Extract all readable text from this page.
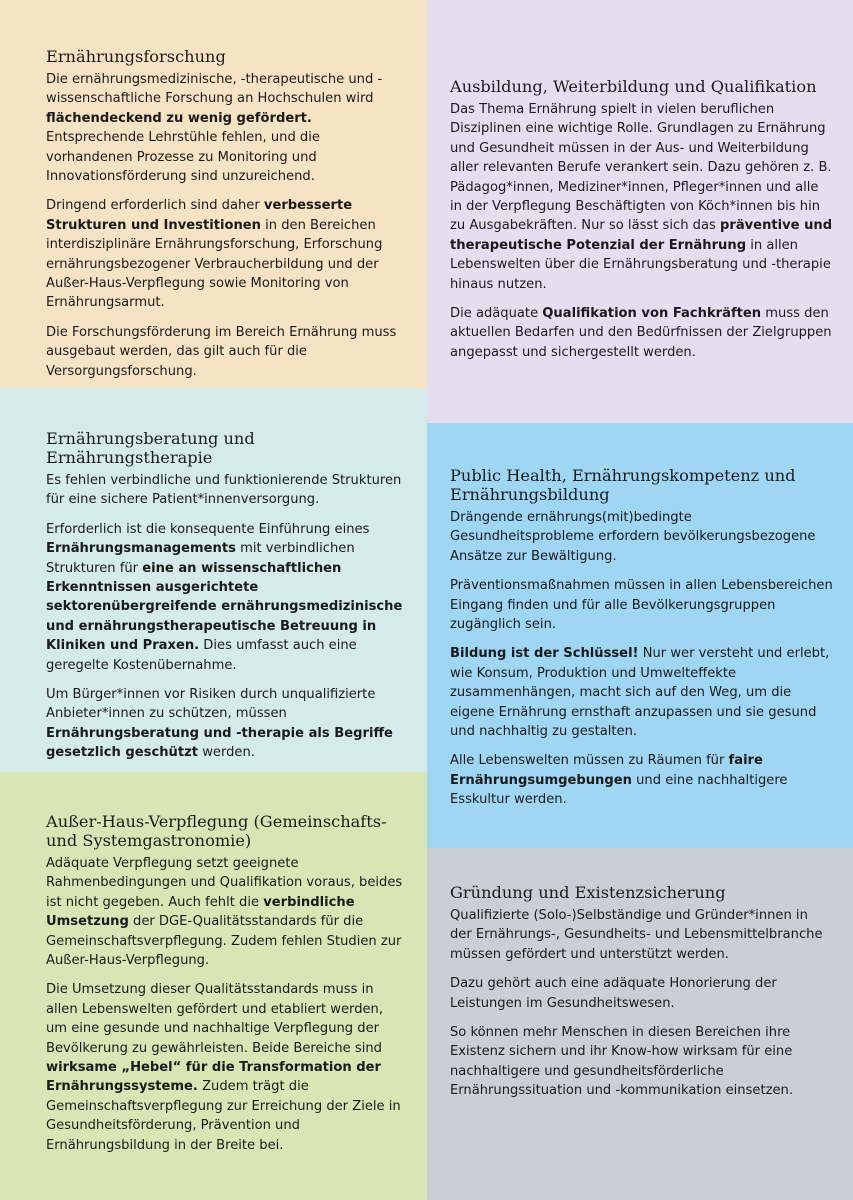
Ernährungsforschung

Die ernährungsmedizinische, -therapeutische und -wissenschaftliche Forschung an Hochschulen wird flächendeckend zu wenig gefördert. Entsprechende Lehrstühle fehlen, und die vorhandenen Prozesse zu Monitoring und Innovationsförderung sind unzureichend.

Dringend erforderlich sind daher verbesserte Strukturen und Investitionen in den Bereichen interdisziplinäre Ernährungsforschung, Erforschung ernährungsbezogener Verbraucherbildung und der Außer-Haus-Verpflegung sowie Monitoring von Ernährungsarmut.

Die Forschungsförderung im Bereich Ernährung muss ausgebaut werden, das gilt auch für die Versorgungsforschung.

Ausbildung, Weiterbildung und Qualifikation

Das Thema Ernährung spielt in vielen beruflichen Disziplinen eine wichtige Rolle. Grundlagen zu Ernährung und Gesundheit müssen in der Aus- und Weiterbildung aller relevanten Berufe verankert sein. Dazu gehören z. B. Pädagog*innen, Mediziner*innen, Pfleger*innen und alle in der Verpflegung Beschäftigten von Köch*innen bis hin zu Ausgabekräften. Nur so lässt sich das präventive und therapeutische Potenzial der Ernährung in allen Lebenswelten über die Ernährungsberatung und -therapie hinaus nutzen.

Die adäquate Qualifikation von Fachkräften muss den aktuellen Bedarfen und den Bedürfnissen der Zielgruppen angepasst und sichergestellt werden.

Ernährungsberatung und Ernährungstherapie

Es fehlen verbindliche und funktionierende Strukturen für eine sichere Patient*innenversorgung.

Erforderlich ist die konsequente Einführung eines Ernährungsmanagements mit verbindlichen Strukturen für eine an wissenschaftlichen Erkenntnissen ausgerichtete sektorenübergreifende ernährungsmedizinische und ernährungstherapeutische Betreuung in Kliniken und Praxen. Dies umfasst auch eine geregelte Kostenübernahme.

Um Bürger*innen vor Risiken durch unqualifizierte Anbieter*innen zu schützen, müssen Ernährungsberatung und -therapie als Begriffe gesetzlich geschützt werden.

Public Health, Ernährungskompetenz und Ernährungsbildung

Drängende ernährungs(mit)bedingte Gesundheitsprobleme erfordern bevölkerungsbezogene Ansätze zur Bewältigung.

Präventionsmaßnahmen müssen in allen Lebensbereichen Eingang finden und für alle Bevölkerungsgruppen zugänglich sein.

Bildung ist der Schlüssel! Nur wer versteht und erlebt, wie Konsum, Produktion und Umwelteffekte zusammenhängen, macht sich auf den Weg, um die eigene Ernährung ernsthaft anzupassen und sie gesund und nachhaltig zu gestalten.

Alle Lebenswelten müssen zu Räumen für faire Ernährungsumgebungen und eine nachhaltigere Esskultur werden.

Außer-Haus-Verpflegung (Gemeinschafts- und Systemgastronomie)

Adäquate Verpflegung setzt geeignete Rahmenbedingungen und Qualifikation voraus, beides ist nicht gegeben. Auch fehlt die verbindliche Umsetzung der DGE-Qualitätsstandards für die Gemeinschaftsverpflegung. Zudem fehlen Studien zur Außer-Haus-Verpflegung.

Die Umsetzung dieser Qualitätsstandards muss in allen Lebenswelten gefördert und etabliert werden, um eine gesunde und nachhaltige Verpflegung der Bevölkerung zu gewährleisten. Beide Bereiche sind wirksame „Hebel“ für die Transformation der Ernährungssysteme. Zudem trägt die Gemeinschaftsverpflegung zur Erreichung der Ziele in Gesundheitsförderung, Prävention und Ernährungsbildung in der Breite bei.

Gründung und Existenzsicherung

Qualifizierte (Solo-)Selbständige und Gründer*innen in der Ernährungs-, Gesundheits- und Lebensmittelbranche müssen gefördert und unterstützt werden.

Dazu gehört auch eine adäquate Honorierung der Leistungen im Gesundheitswesen.

So können mehr Menschen in diesen Bereichen ihre Existenz sichern und ihr Know-how wirksam für eine nachhaltigere und gesundheitsförderliche Ernährungssituation und -kommunikation einsetzen.
